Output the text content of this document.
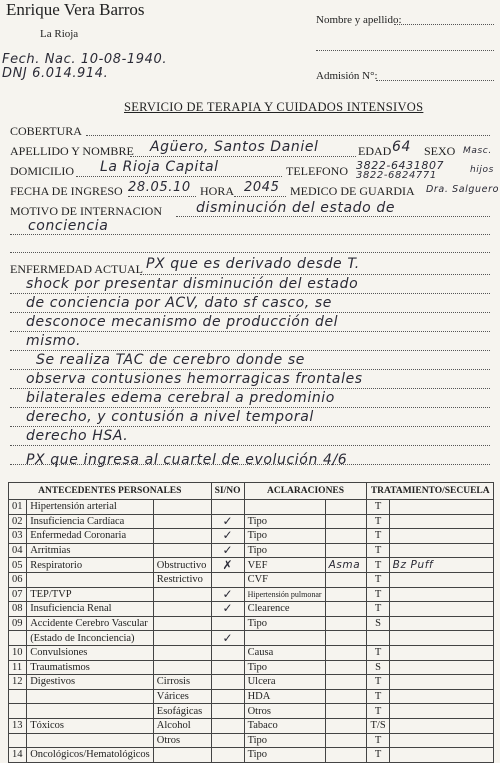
Enrique Vera Barros
La Rioja
Nombre y apellido:
Admisión N°:
Fech. Nac. 10-08-1940.
DNJ 6.014.914.
SERVICIO DE TERAPIA Y CUIDADOS INTENSIVOS
COBERTURA
APELLIDO Y NOMBRE Agüero, Santos Daniel	EDAD 64 SEXO Masc.
DOMICILIO La Rioja Capital	TELEFONO 3822-6431807
3822-6824771	hijos
FECHA DE INGRESO 28.05.10 HORA 2045 MEDICO DE GUARDIA Dra. Salguero
MOTIVO DE INTERNACION disminución del estado de
conciencia
ENFERMEDAD ACTUAL PX que es derivado desde T.
shock por presentar disminución del estado
de conciencia por ACV, dato sf casco, se
desconoce mecanismo de producción del
mismo.
Se realiza TAC de cerebro donde se
observa contusiones hemorragicas frontales
bilaterales edema cerebral a predominio
derecho, y contusión a nivel temporal
derecho HSA.
PX que ingresa al cuartel de evolución 4/6
ANTECEDENTES PERSONALES			SI/NO	ACLARACIONES		TRATAMIENTO/SECUELA	
01	Hipertensión arterial					T	
02	Insuficiencia Cardíaca		✓	Tipo		T	
03	Enfermedad Coronaria		✓	Tipo		T	
04	Arritmias		✓	Tipo		T	
05	Respiratorio	Obstructivo	✗	VEF	Asma	T	Bz Puff
06		Restrictivo		CVF		T	
07	TEP/TVP		✓	Hipertensión pulmonar		T	
08	Insuficiencia Renal		✓	Clearence		T	
09	Accidente Cerebro Vascular			Tipo		S	
	(Estado de Inconciencia)		✓				
10	Convulsiones			Causa		T	
11	Traumatismos			Tipo		S	
12	Digestivos	Cirrosis		Ulcera		T	
		Várices		HDA		T	
		Esofágicas		Otros		T	
13	Tóxicos	Alcohol		Tabaco		T/S	
		Otros		Tipo		T	
14	Oncológicos/Hematológicos			Tipo		T	
